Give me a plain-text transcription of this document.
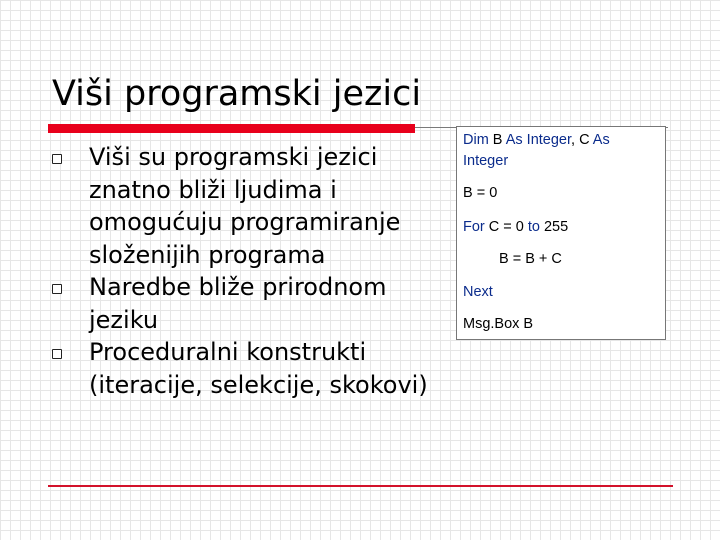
Viši programski jezici
Viši su programski jezici znatno bliži ljudima i omogućuju programiranje složenijih programa
Naredbe bliže prirodnom jeziku
Proceduralni konstrukti (iteracije, selekcije, skokovi)
Dim B As Integer, C As
Integer
B = 0
For C = 0 to 255
B = B + C
Next
Msg.Box B
